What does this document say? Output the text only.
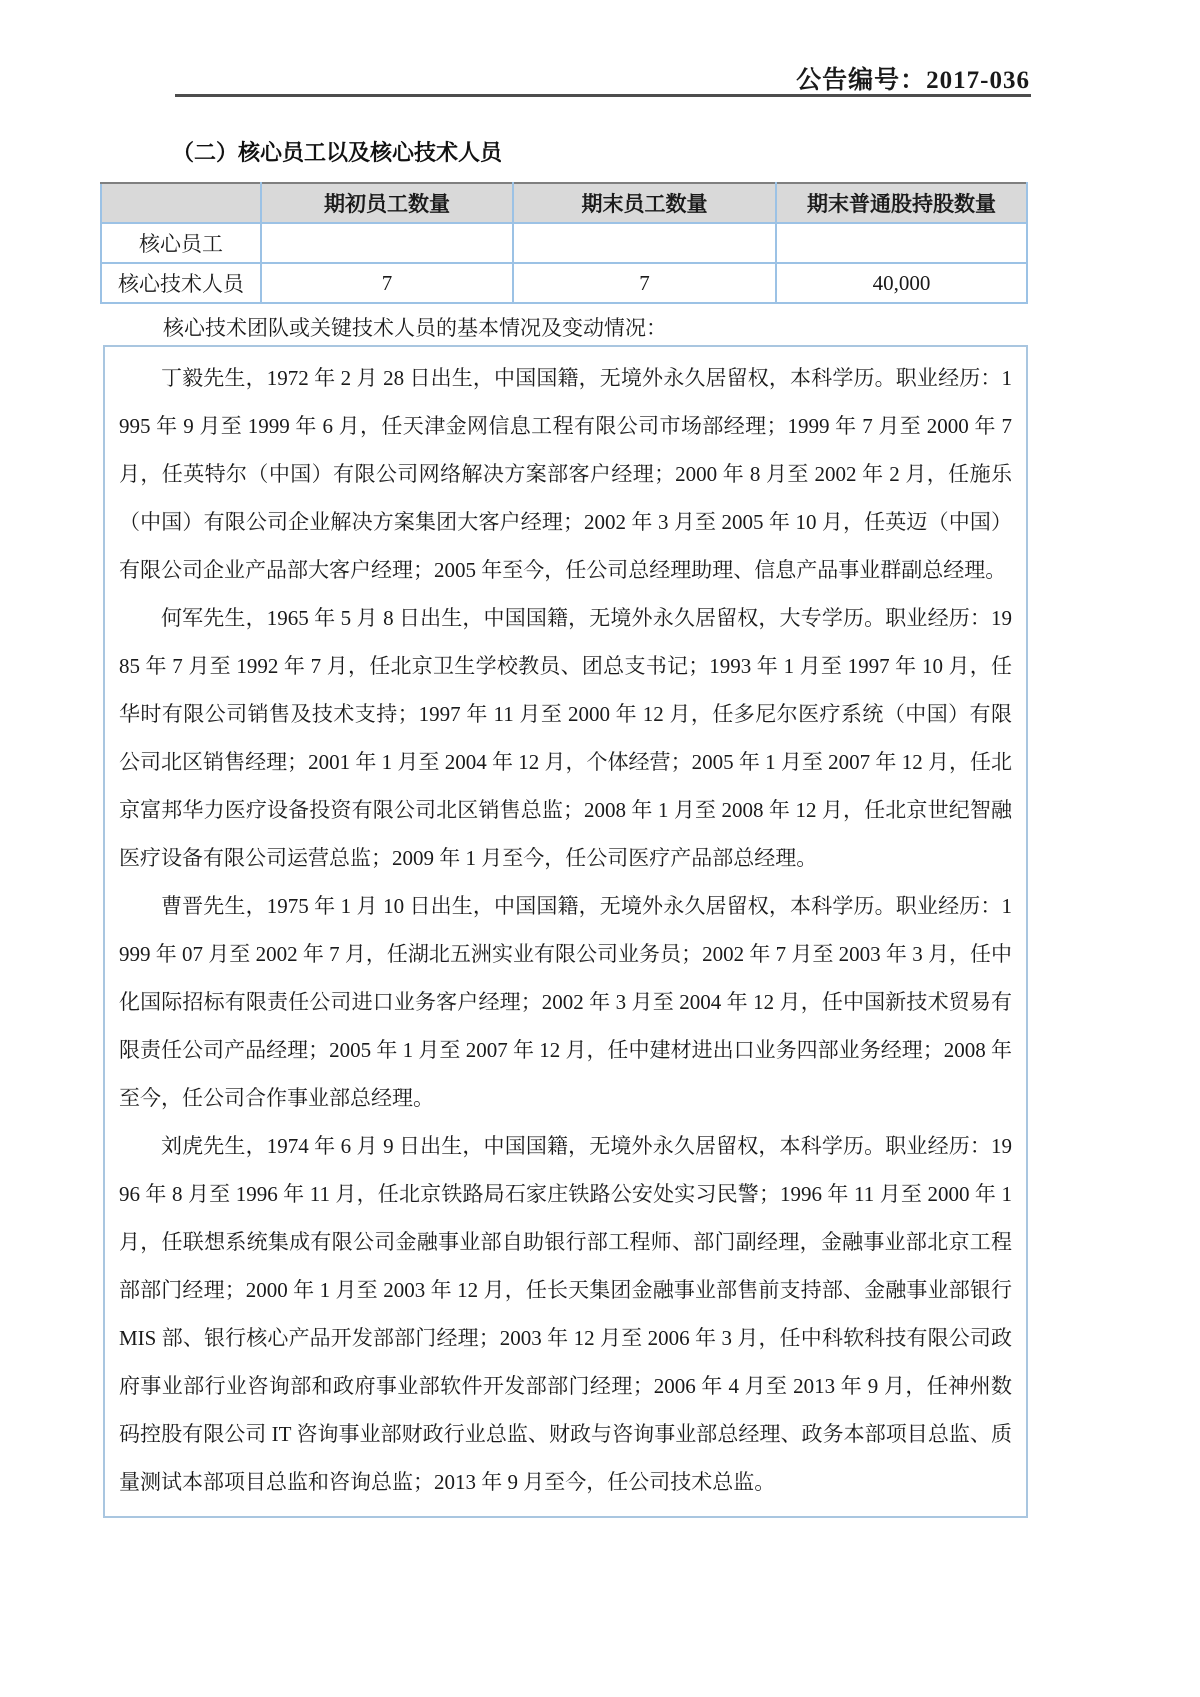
公告编号：2017-036
（二）核心员工以及核心技术人员
	期初员工数量	期末员工数量	期末普通股持股数量
核心员工			
核心技术人员	7	7	40,000
核心技术团队或关键技术人员的基本情况及变动情况：

丁毅先生，1972 年 2 月 28 日出生，中国国籍，无境外永久居留权，本科学历。职业经历：1995 年 9 月至 1999 年 6 月，任天津金网信息工程有限公司市场部经理；1999 年 7 月至 2000 年 7 月，任英特尔（中国）有限公司网络解决方案部客户经理；2000 年 8 月至 2002 年 2 月，任施乐（中国）有限公司企业解决方案集团大客户经理；2002 年 3 月至 2005 年 10 月，任英迈（中国）有限公司企业产品部大客户经理；2005 年至今，任公司总经理助理、信息产品事业群副总经理。

何军先生，1965 年 5 月 8 日出生，中国国籍，无境外永久居留权，大专学历。职业经历：1985 年 7 月至 1992 年 7 月，任北京卫生学校教员、团总支书记；1993 年 1 月至 1997 年 10 月，任华时有限公司销售及技术支持；1997 年 11 月至 2000 年 12 月，任多尼尔医疗系统（中国）有限公司北区销售经理；2001 年 1 月至 2004 年 12 月，个体经营；2005 年 1 月至 2007 年 12 月，任北京富邦华力医疗设备投资有限公司北区销售总监；2008 年 1 月至 2008 年 12 月，任北京世纪智融医疗设备有限公司运营总监；2009 年 1 月至今，任公司医疗产品部总经理。

曹晋先生，1975 年 1 月 10 日出生，中国国籍，无境外永久居留权，本科学历。职业经历：1999 年 07 月至 2002 年 7 月，任湖北五洲实业有限公司业务员；2002 年 7 月至 2003 年 3 月，任中化国际招标有限责任公司进口业务客户经理；2002 年 3 月至 2004 年 12 月，任中国新技术贸易有限责任公司产品经理；2005 年 1 月至 2007 年 12 月，任中建材进出口业务四部业务经理；2008 年至今，任公司合作事业部总经理。

刘虎先生，1974 年 6 月 9 日出生，中国国籍，无境外永久居留权，本科学历。职业经历：1996 年 8 月至 1996 年 11 月，任北京铁路局石家庄铁路公安处实习民警；1996 年 11 月至 2000 年 1 月，任联想系统集成有限公司金融事业部自助银行部工程师、部门副经理，金融事业部北京工程部部门经理；2000 年 1 月至 2003 年 12 月，任长天集团金融事业部售前支持部、金融事业部银行 MIS 部、银行核心产品开发部部门经理；2003 年 12 月至 2006 年 3 月，任中科软科技有限公司政府事业部行业咨询部和政府事业部软件开发部部门经理；2006 年 4 月至 2013 年 9 月，任神州数码控股有限公司 IT 咨询事业部财政行业总监、财政与咨询事业部总经理、政务本部项目总监、质量测试本部项目总监和咨询总监；2013 年 9 月至今，任公司技术总监。
